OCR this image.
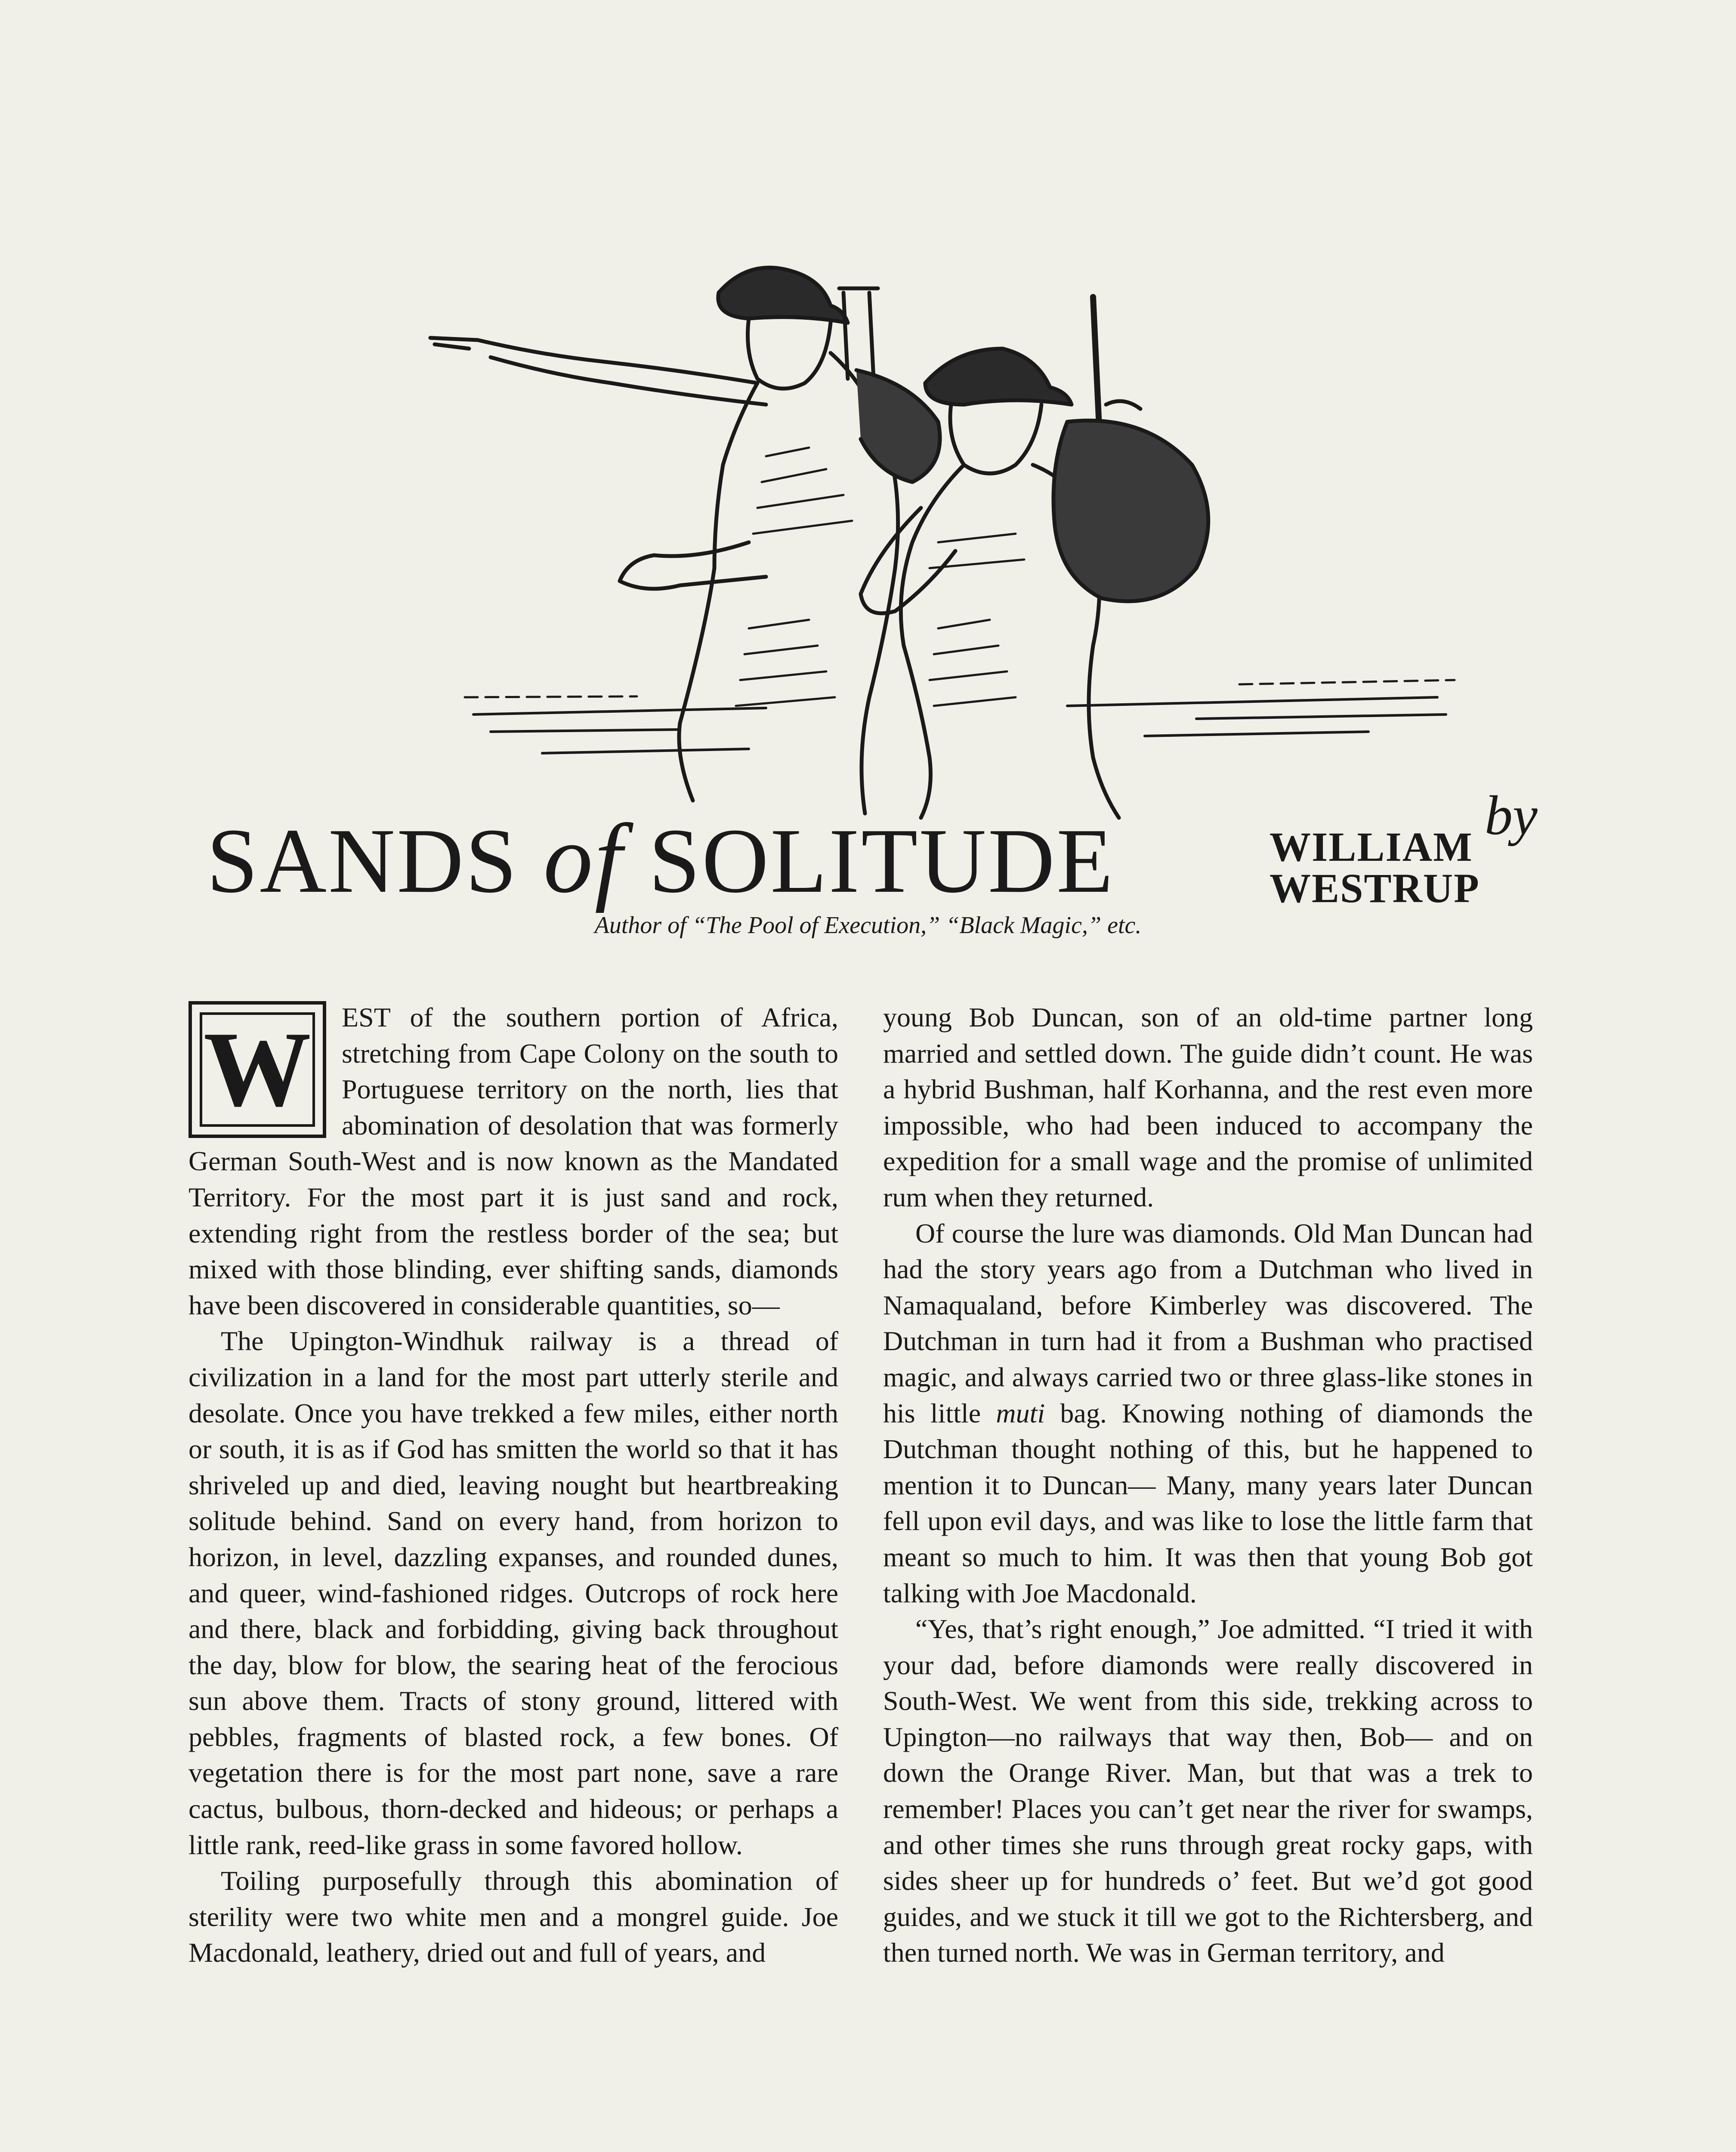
SANDS of SOLITUDE	by
WILLIAM
WESTRUP
Author of “The Pool of Execution,” “Black Magic,” etc.
W	EST of the southern portion of Africa, stretching from Cape Colony on the south to Portuguese territory on the north, lies that abomination of desolation that was formerly German South-West and is now known as the Mandated Territory. For the most part it is just sand and rock, extending right from the restless border of the sea; but mixed with those blinding, ever shifting sands, diamonds have been discovered in considerable quantities, so—

The Upington-Windhuk railway is a thread of civilization in a land for the most part utterly sterile and desolate. Once you have trekked a few miles, either north or south, it is as if God has smitten the world so that it has shriveled up and died, leaving nought but heartbreaking solitude behind. Sand on every hand, from horizon to horizon, in level, dazzling expanses, and rounded dunes, and queer, wind-fashioned ridges. Outcrops of rock here and there, black and forbidding, giving back throughout the day, blow for blow, the searing heat of the ferocious sun above them. Tracts of stony ground, littered with pebbles, fragments of blasted rock, a few bones. Of vegetation there is for the most part none, save a rare cactus, bulbous, thorn-decked and hideous; or perhaps a little rank, reed-like grass in some favored hollow.

Toiling purposefully through this abomination of sterility were two white men and a mongrel guide. Joe Macdonald, leathery, dried out and full of years, and

young Bob Duncan, son of an old-time partner long married and settled down. The guide didn’t count. He was a hybrid Bushman, half Korhanna, and the rest even more impossible, who had been induced to accompany the expedition for a small wage and the promise of unlimited rum when they returned.

Of course the lure was diamonds. Old Man Duncan had had the story years ago from a Dutchman who lived in Namaqualand, before Kimberley was discovered. The Dutchman in turn had it from a Bushman who practised magic, and always carried two or three glass-like stones in his little muti bag. Knowing nothing of diamonds the Dutchman thought nothing of this, but he happened to mention it to Duncan— Many, many years later Duncan fell upon evil days, and was like to lose the little farm that meant so much to him. It was then that young Bob got talking with Joe Macdonald.

“Yes, that’s right enough,” Joe admitted. “I tried it with your dad, before diamonds were really discovered in South-West. We went from this side, trekking across to Upington—no railways that way then, Bob— and on down the Orange River. Man, but that was a trek to remember! Places you can’t get near the river for swamps, and other times she runs through great rocky gaps, with sides sheer up for hundreds o’ feet. But we’d got good guides, and we stuck it till we got to the Richtersberg, and then turned north. We was in German territory, and
